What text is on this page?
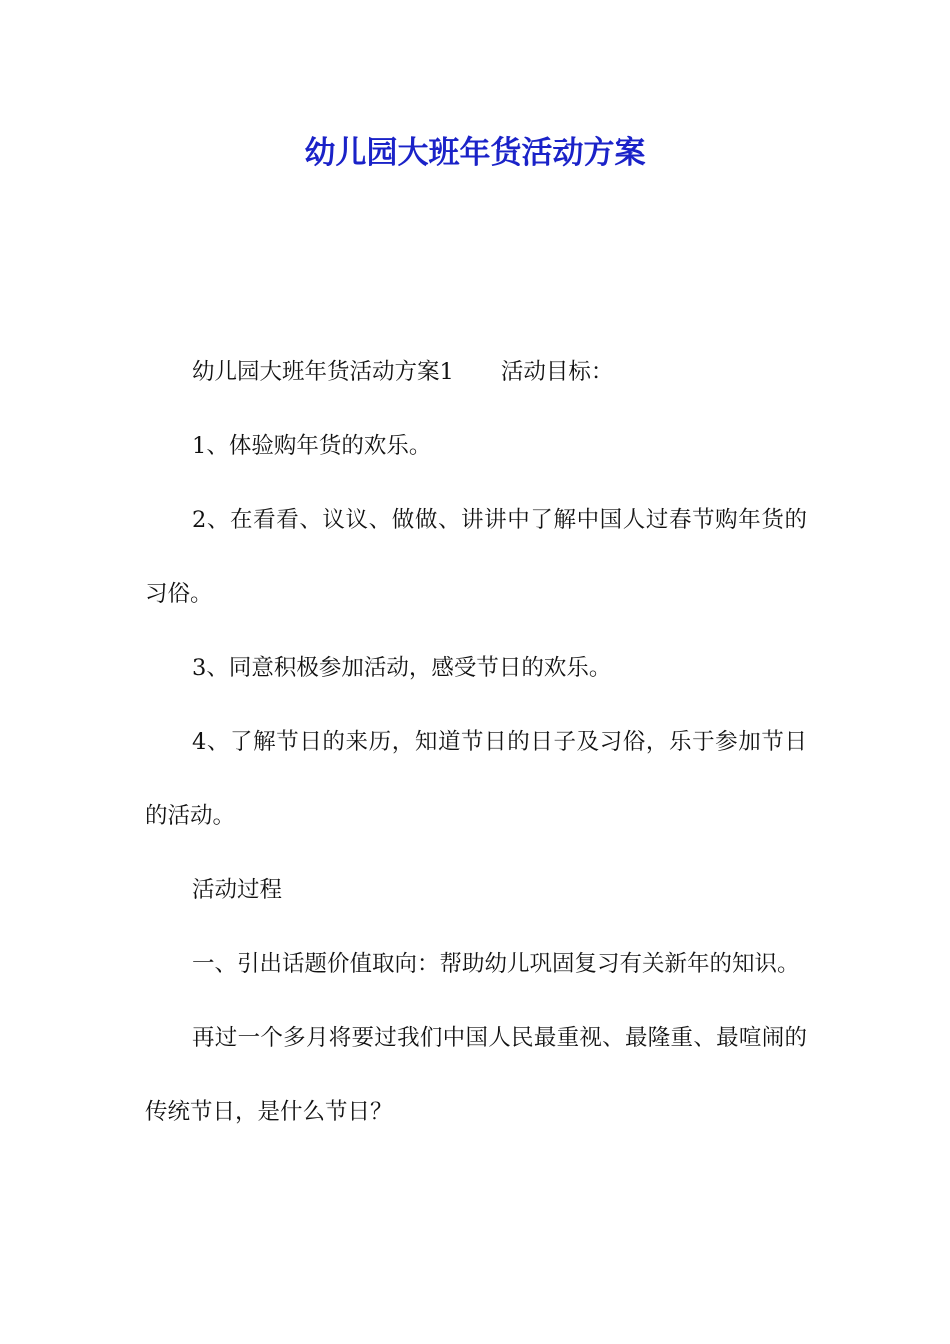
幼儿园大班年货活动方案

幼儿园大班年货活动方案1 活动目标：

1、体验购年货的欢乐。

2、在看看、议议、做做、讲讲中了解中国人过春节购年货的习俗。

3、同意积极参加活动，感受节日的欢乐。

4、了解节日的来历，知道节日的日子及习俗，乐于参加节日的活动。

活动过程

一、引出话题价值取向：帮助幼儿巩固复习有关新年的知识。

再过一个多月将要过我们中国人民最重视、最隆重、最喧闹的传统节日，是什么节日？
